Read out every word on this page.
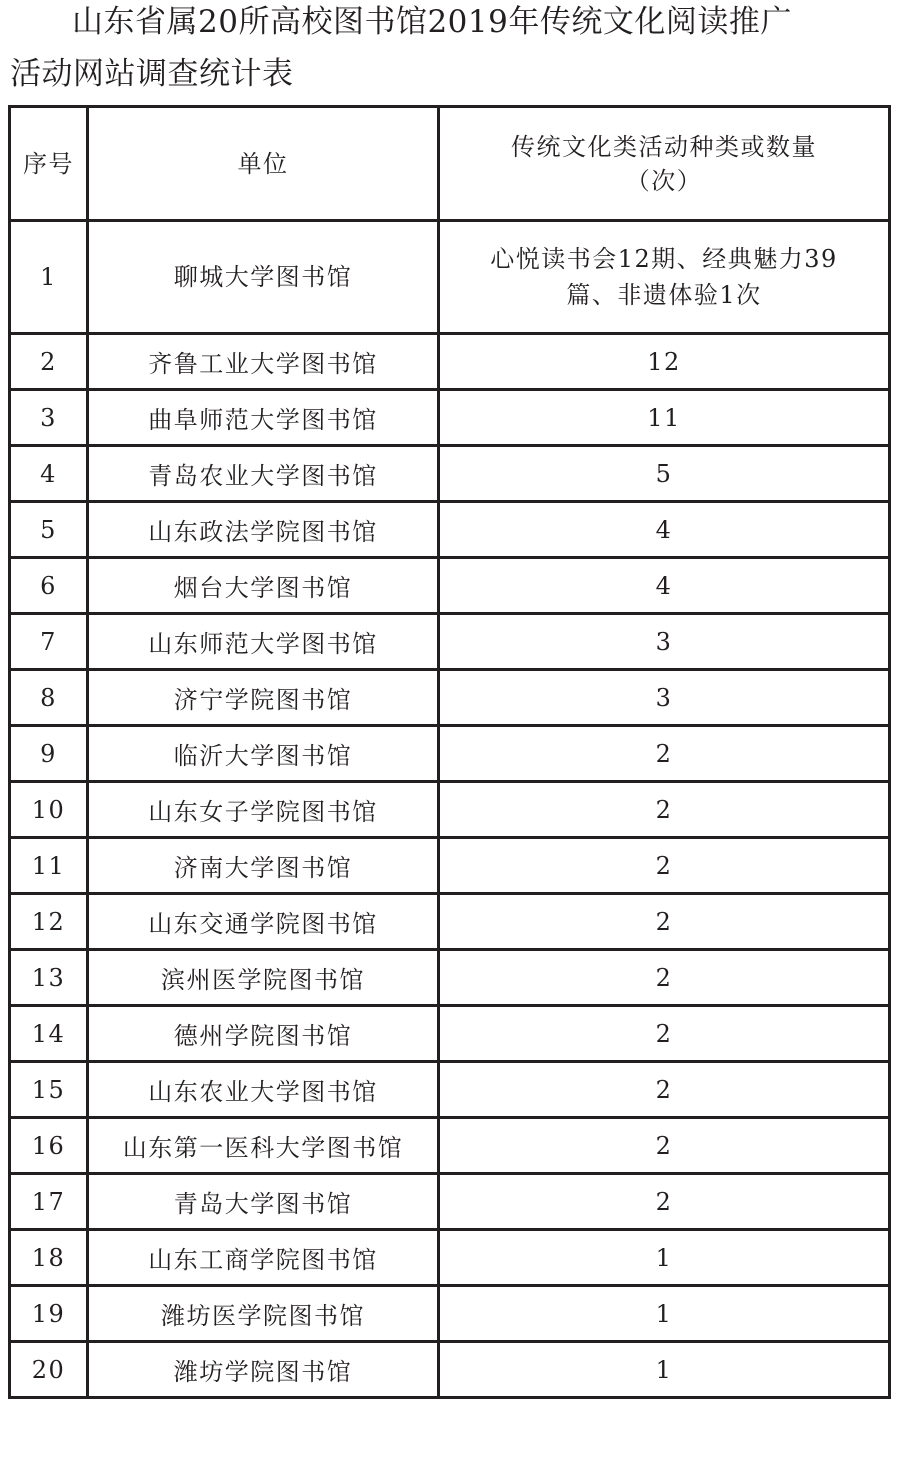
山东省属20所高校图书馆2019年传统文化阅读推广
活动网站调查统计表
序号	单位	传统文化类活动种类或数量
（次）

1	聊城大学图书馆	心悦读书会12期、经典魅力39
篇、非遗体验1次

2	齐鲁工业大学图书馆	12
3	曲阜师范大学图书馆	11
4	青岛农业大学图书馆	5
5	山东政法学院图书馆	4
6	烟台大学图书馆	4
7	山东师范大学图书馆	3
8	济宁学院图书馆	3
9	临沂大学图书馆	2
10	山东女子学院图书馆	2
11	济南大学图书馆	2
12	山东交通学院图书馆	2
13	滨州医学院图书馆	2
14	德州学院图书馆	2
15	山东农业大学图书馆	2
16	山东第一医科大学图书馆	2
17	青岛大学图书馆	2
18	山东工商学院图书馆	1
19	潍坊医学院图书馆	1
20	潍坊学院图书馆	1
